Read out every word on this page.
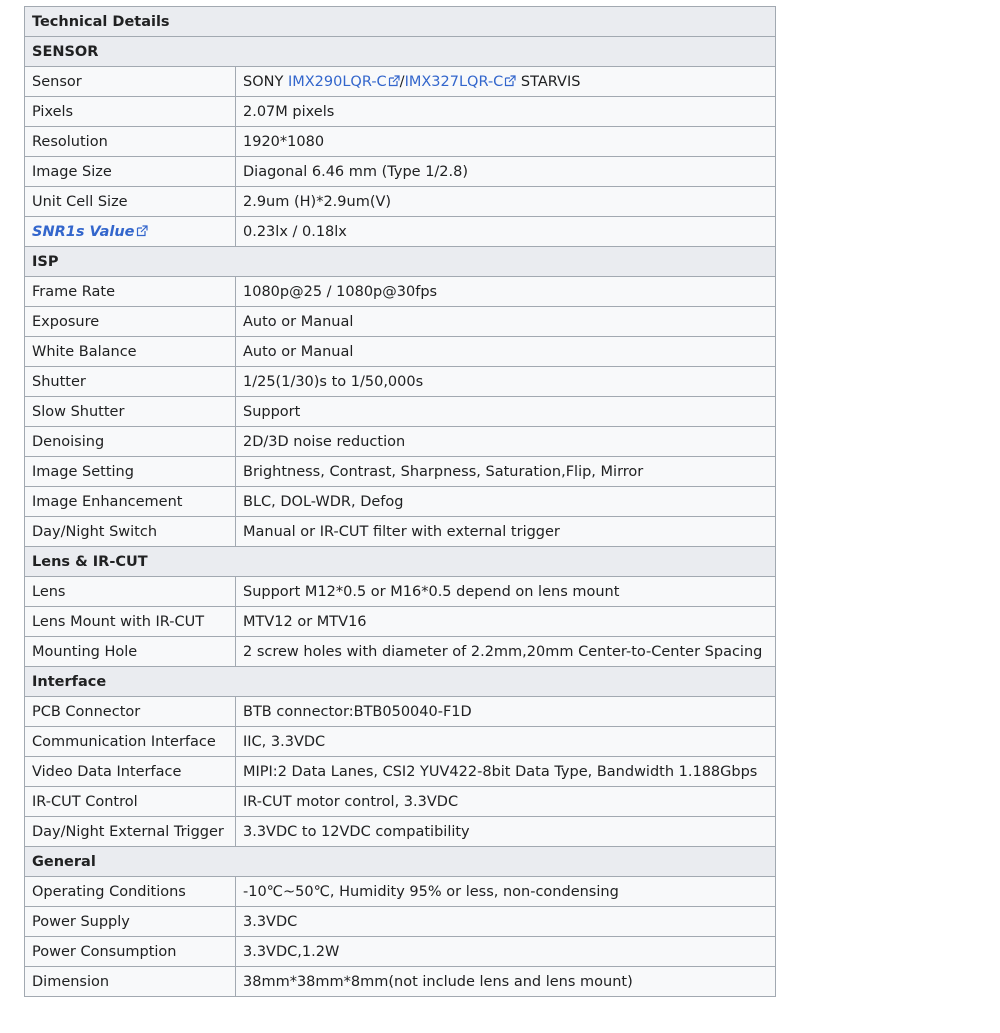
Technical Details	
SENSOR	
Sensor	SONY IMX290LQR-C /IMX327LQR-C STARVIS
Pixels	2.07M pixels
Resolution	1920*1080
Image Size	Diagonal 6.46 mm (Type 1/2.8)
Unit Cell Size	2.9um (H)*2.9um(V)
SNR1s Value	0.23lx / 0.18lx
ISP	
Frame Rate	1080p@25 / 1080p@30fps
Exposure	Auto or Manual
White Balance	Auto or Manual
Shutter	1/25(1/30)s to 1/50,000s
Slow Shutter	Support
Denoising	2D/3D noise reduction
Image Setting	Brightness, Contrast, Sharpness, Saturation,Flip, Mirror
Image Enhancement	BLC, DOL-WDR, Defog
Day/Night Switch	Manual or IR-CUT filter with external trigger
Lens & IR-CUT	
Lens	Support M12*0.5 or M16*0.5 depend on lens mount
Lens Mount with IR-CUT	MTV12 or MTV16
Mounting Hole	2 screw holes with diameter of 2.2mm,20mm Center-to-Center Spacing
Interface	
PCB Connector	BTB connector:BTB050040-F1D
Communication Interface	IIC, 3.3VDC
Video Data Interface	MIPI:2 Data Lanes, CSI2 YUV422-8bit Data Type, Bandwidth 1.188Gbps
IR-CUT Control	IR-CUT motor control, 3.3VDC
Day/Night External Trigger	3.3VDC to 12VDC compatibility
General	
Operating Conditions	-10℃~50℃, Humidity 95% or less, non-condensing
Power Supply	3.3VDC
Power Consumption	3.3VDC,1.2W
Dimension	38mm*38mm*8mm(not include lens and lens mount)
